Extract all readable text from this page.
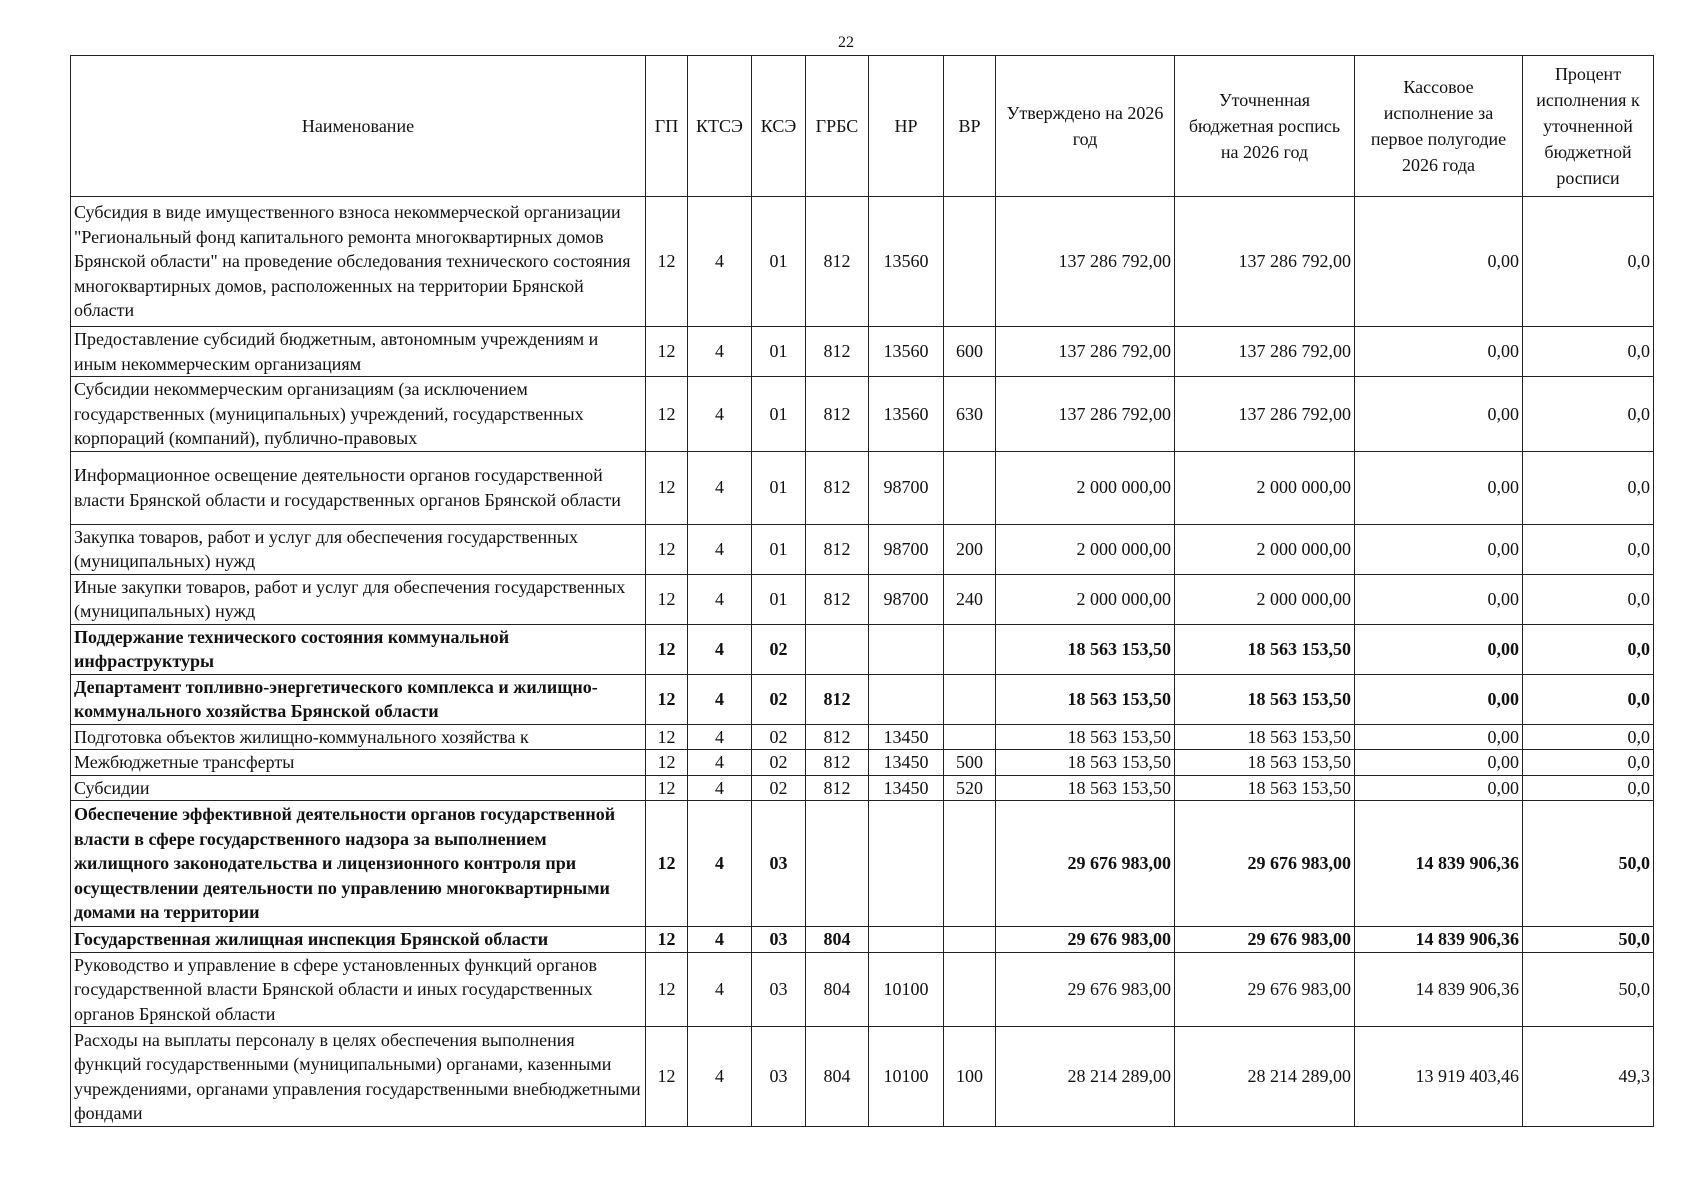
22
Наименование	ГП	КТСЭ	КСЭ	ГРБС	НР	ВР	Утверждено на 2026 год	Уточненная бюджетная роспись на 2026 год	Кассовое исполнение за первое полугодие 2026 года	Процент исполнения к уточненной бюджетной росписи
Субсидия в виде имущественного взноса некоммерческой организации "Региональный фонд капитального ремонта многоквартирных домов Брянской области" на проведение обследования технического состояния многоквартирных домов, расположенных на территории Брянской области	12	4	01	812	13560		137 286 792,00	137 286 792,00	0,00	0,0
Предоставление субсидий бюджетным, автономным учреждениям и иным некоммерческим организациям	12	4	01	812	13560	600	137 286 792,00	137 286 792,00	0,00	0,0
Субсидии некоммерческим организациям (за исключением государственных (муниципальных) учреждений, государственных корпораций (компаний), публично-правовых	12	4	01	812	13560	630	137 286 792,00	137 286 792,00	0,00	0,0
Информационное освещение деятельности органов государственной власти Брянской области и государственных органов Брянской области	12	4	01	812	98700		2 000 000,00	2 000 000,00	0,00	0,0
Закупка товаров, работ и услуг для обеспечения государственных (муниципальных) нужд	12	4	01	812	98700	200	2 000 000,00	2 000 000,00	0,00	0,0
Иные закупки товаров, работ и услуг для обеспечения государственных (муниципальных) нужд	12	4	01	812	98700	240	2 000 000,00	2 000 000,00	0,00	0,0
Поддержание технического состояния коммунальной инфраструктуры	12	4	02				18 563 153,50	18 563 153,50	0,00	0,0
Департамент топливно-энергетического комплекса и жилищно-коммунального хозяйства Брянской области	12	4	02	812			18 563 153,50	18 563 153,50	0,00	0,0
Подготовка объектов жилищно-коммунального хозяйства к	12	4	02	812	13450		18 563 153,50	18 563 153,50	0,00	0,0
Межбюджетные трансферты	12	4	02	812	13450	500	18 563 153,50	18 563 153,50	0,00	0,0
Субсидии	12	4	02	812	13450	520	18 563 153,50	18 563 153,50	0,00	0,0
Обеспечение эффективной деятельности органов государственной власти в сфере государственного надзора за выполнением жилищного законодательства и лицензионного контроля при осуществлении деятельности по управлению многоквартирными домами на территории	12	4	03				29 676 983,00	29 676 983,00	14 839 906,36	50,0
Государственная жилищная инспекция Брянской области	12	4	03	804			29 676 983,00	29 676 983,00	14 839 906,36	50,0
Руководство и управление в сфере установленных функций органов государственной власти Брянской области и иных государственных органов Брянской области	12	4	03	804	10100		29 676 983,00	29 676 983,00	14 839 906,36	50,0
Расходы на выплаты персоналу в целях обеспечения выполнения функций государственными (муниципальными) органами, казенными учреждениями, органами управления государственными внебюджетными фондами	12	4	03	804	10100	100	28 214 289,00	28 214 289,00	13 919 403,46	49,3
